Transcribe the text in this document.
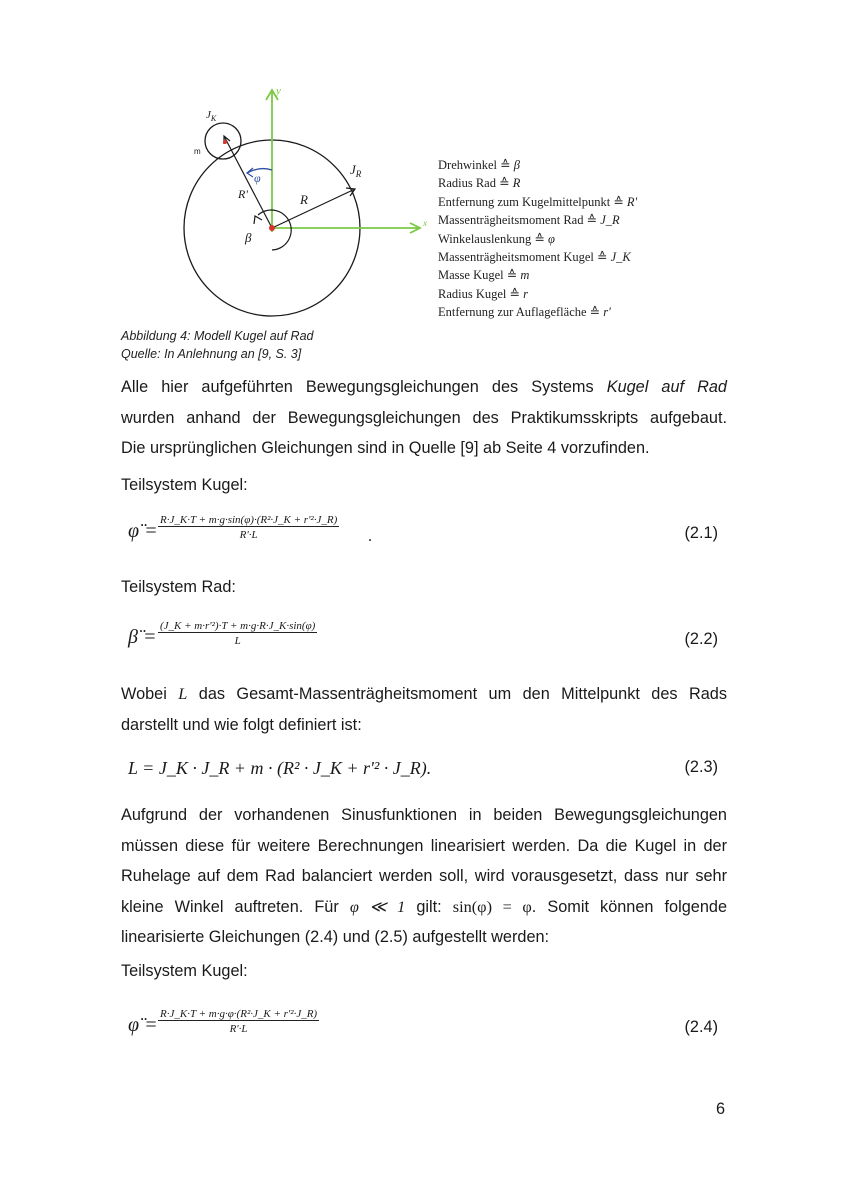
y
x
R'	R
φ
β
$J_R$
$J_K$
m
Drehwinkel ≙ β
Radius Rad ≙ R
Entfernung zum Kugelmittelpunkt ≙ R'
Massenträgheitsmoment Rad ≙ J_R
Winkelauslenkung ≙ φ
Massenträgheitsmoment Kugel ≙ J_K
Masse Kugel ≙ m
Radius Kugel ≙ r
Entfernung zur Auflagefläche ≙ r'
Abbildung 4: Modell Kugel auf Rad
Quelle: In Anlehnung an [9, S. 3]
Alle hier aufgeführten Bewegungsgleichungen des Systems Kugel auf Rad
wurden anhand der Bewegungsgleichungen des Praktikumsskripts aufgebaut.
Die ursprünglichen Gleichungen sind in Quelle [9] ab Seite 4 vorzufinden.
Teilsystem Kugel:
φ̈ = $\frac{\text{R·J\_K·T + m·g·sin(φ)·(R²·J\_K + r'²·J\_R)}}{R'\cdot L}$ .	(2.1)
Teilsystem Rad:
β̈ = $\frac{\text{(J\_K + m·r'²)·T + m·g·R·J\_K·sin(φ)}}{L}$	(2.2)
Wobei L das Gesamt-Massenträgheitsmoment um den Mittelpunkt des Rads
darstellt und wie folgt definiert ist:
L = J_K · J_R + m · (R² · J_K + r'² · J_R).	(2.3)
Aufgrund der vorhandenen Sinusfunktionen in beiden Bewegungsgleichungen
müssen diese für weitere Berechnungen linearisiert werden. Da die Kugel in der
Ruhelage auf dem Rad balanciert werden soll, wird vorausgesetzt, dass nur sehr
kleine Winkel auftreten. Für φ ≪ 1 gilt: sin(φ) = φ. Somit können folgende
linearisierte Gleichungen (2.4) und (2.5) aufgestellt werden:
Teilsystem Kugel:
φ̈ = $\frac{\text{R·J\_K·T + m·g·φ·(R²·J\_K + r'²·J\_R)}}{R'\cdot L}$	(2.4)
6
